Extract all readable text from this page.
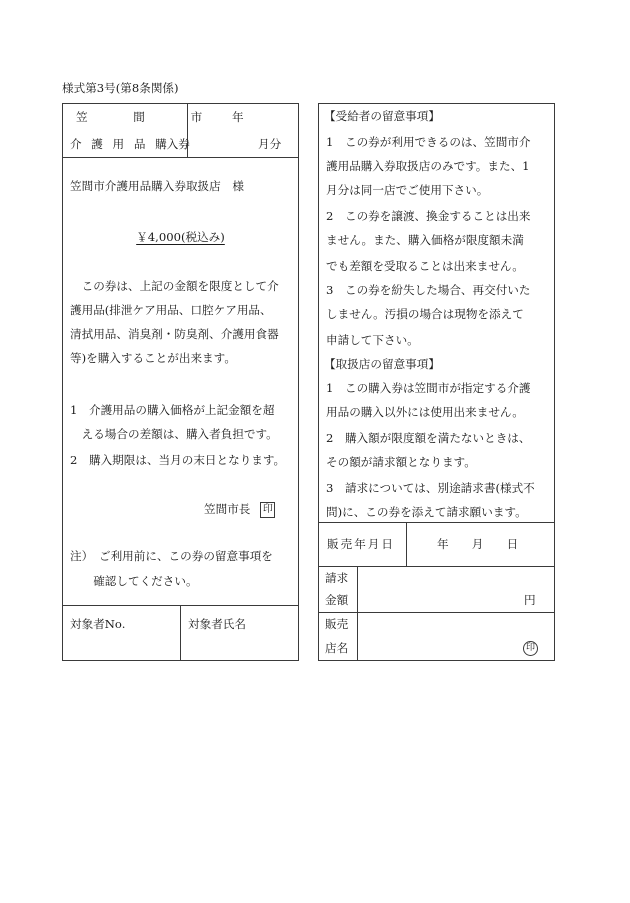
様式第3号(第8条関係)
笠　　間　　市
介 護 用 品 購入券
年
月分
笠間市介護用品購入券取扱店　様
￥4,000(税込み)
　この券は、上記の金額を限度として介
護用品(排泄ケア用品、口腔ケア用品、
清拭用品、消臭剤・防臭剤、介護用食器
等)を購入することが出来ます。
1　介護用品の購入価格が上記金額を超
　える場合の差額は、購入者負担です。
2　購入期限は、当月の末日となります。
笠間市長 印
注）　ご利用前に、この券の留意事項を
　　確認してください。
対象者No.	対象者氏名
【受給者の留意事項】
1　この券が利用できるのは、笠間市介
護用品購入券取扱店のみです。また、1
月分は同一店でご使用下さい。
2　この券を譲渡、換金することは出来
ません。また、購入価格が限度額未満
でも差額を受取ることは出来ません。
3　この券を紛失した場合、再交付いた
しません。汚損の場合は現物を添えて
申請して下さい。
【取扱店の留意事項】
1　この購入券は笠間市が指定する介護
用品の購入以外には使用出来ません。
2　購入額が限度額を満たないときは、
その額が請求額となります。
3　請求については、別途請求書(様式不
問)に、この券を添えて請求願います。
販売年月日	年　　月　　日
請求
金額	円
販売
店名	印
